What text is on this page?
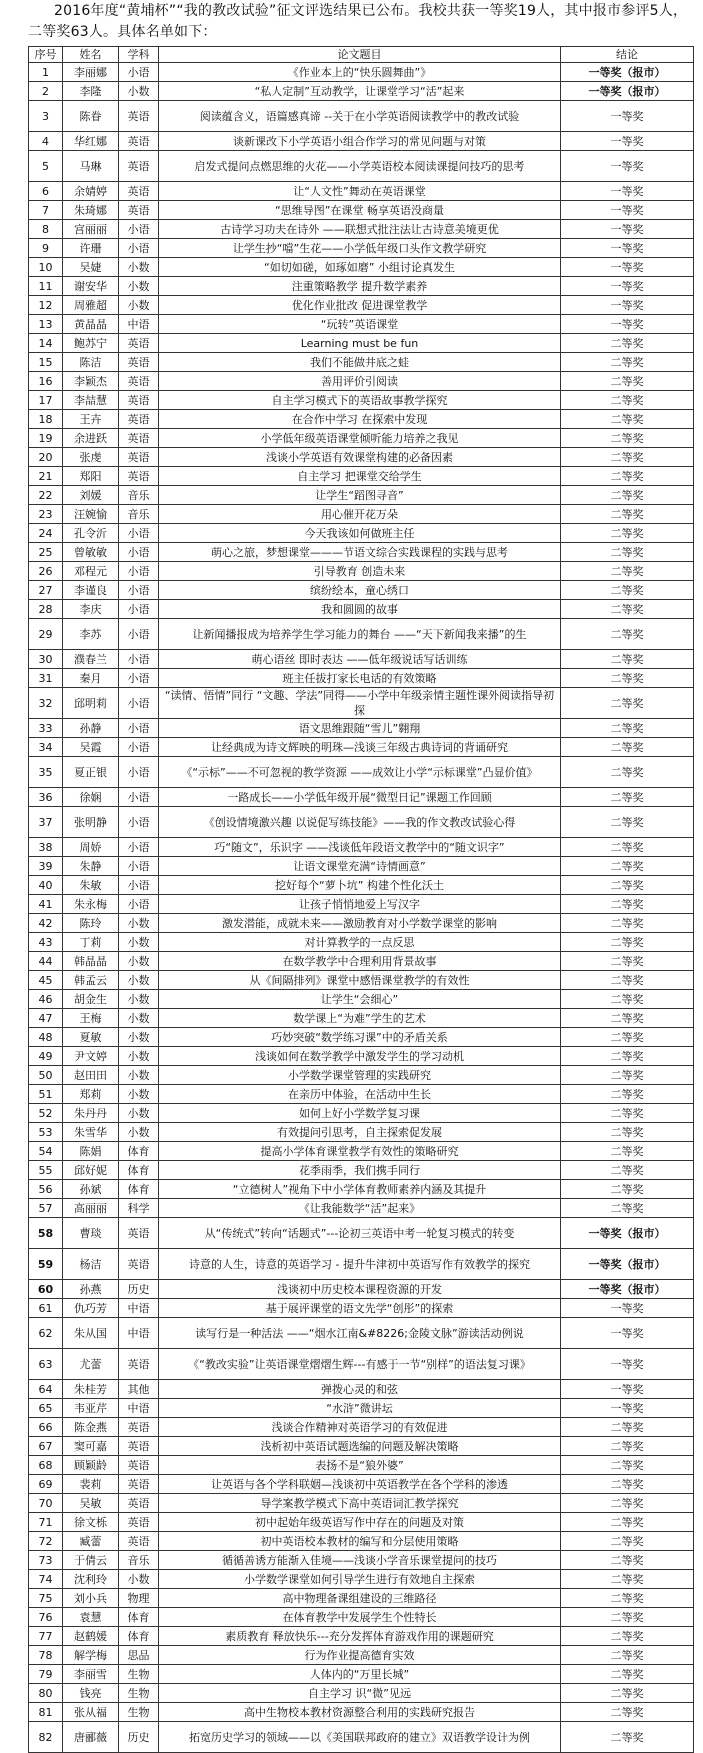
2016年度“黄埔杯”“我的教改试验”征文评选结果已公布。我校共获一等奖19人，其中报市参评5人，二等奖63人。具体名单如下：

序号	姓名	学科	论文题目	结论
1	李丽娜	小语	《作业本上的“快乐圆舞曲”》	一等奖（报市）
2	李隆	小数	“私人定制”互动教学，让课堂学习“活”起来	一等奖（报市）
3	陈眷	英语	阅读蕴含义，语篇感真谛 --关于在小学英语阅读教学中的教改试验	一等奖
4	华红娜	英语	谈新课改下小学英语小组合作学习的常见问题与对策	一等奖
5	马琳	英语	启发式提问点燃思维的火花——小学英语校本阅读课提问技巧的思考	一等奖
6	余婧婷	英语	让“人文性”舞动在英语课堂	一等奖
7	朱琦娜	英语	“思维导图”在课堂 畅享英语没商量	一等奖
8	宫丽丽	小语	古诗学习功夫在诗外 ——联想式批注法让古诗意美境更优	一等奖
9	许珊	小语	让学生抄“噹”生花——小学低年级口头作文教学研究	一等奖
10	吴婕	小数	“如切如磋，如琢如磨” 小组讨论真发生	一等奖
11	谢安华	小数	注重策略教学 提升数学素养	一等奖
12	周雅超	小数	优化作业批改 促进课堂教学	一等奖
13	黄晶晶	中语	“玩转”英语课堂	一等奖
14	鲍苏宁	英语	Learning must be fun	二等奖
15	陈洁	英语	我们不能做井底之蛙	二等奖
16	李颖杰	英语	善用评价引阅读	二等奖
17	李喆慧	英语	自主学习模式下的英语故事教学探究	二等奖
18	王卉	英语	在合作中学习 在探索中发现	二等奖
19	余进跃	英语	小学低年级英语课堂倾听能力培养之我见	二等奖
20	张虔	英语	浅谈小学英语有效课堂构建的必备因素	二等奖
21	郑阳	英语	自主学习 把课堂交给学生	二等奖
22	刘媛	音乐	让学生“蹈图寻音”	二等奖
23	汪婉愉	音乐	用心催开花万朵	二等奖
24	孔令沂	小语	今天我该如何做班主任	二等奖
25	曾敏敏	小语	萌心之旅，梦想课堂———节语文综合实践课程的实践与思考	二等奖
26	邓程元	小语	引导教育 创造未来	二等奖
27	李谨良	小语	缤纷绘本，童心绣口	二等奖
28	李庆	小语	我和圆圆的故事	二等奖
29	李苏	小语	让新闻播报成为培养学生学习能力的舞台 ——“天下新闻我来播”的生	二等奖
30	濮春兰	小语	萌心语丝 即时表达 ——低年级说话写话训练	二等奖
31	秦月	小语	班主任拔打家长电话的有效策略	二等奖
32	邱明莉	小语	“读情、悟情”同行 “文趣、学法”同得——小学中年级亲情主题性课外阅读指导初探	二等奖
33	孙静	小语	语文思维跟随“雪儿”翱翔	二等奖
34	吴霞	小语	让经典成为诗文辉映的明珠—浅谈三年级古典诗词的背诵研究	二等奖
35	夏正银	小语	《“示标”——不可忽视的教学资源 ——成效让小学“示标课堂”凸显价值》	二等奖
36	徐娴	小语	一路成长——小学低年级开展“微型日记”课题工作回顾	二等奖
37	张明静	小语	《创设情境激兴趣 以说促写练技能》——我的作文教改试验心得	二等奖
38	周娇	小语	巧“随文”，乐识字 ——浅谈低年段语文教学中的“随文识字”	二等奖
39	朱静	小语	让语文课堂充满“诗情画意”	二等奖
40	朱敏	小语	挖好每个“萝卜坑” 构建个性化沃土	二等奖
41	朱永梅	小语	让孩子悄悄地爱上写汉字	二等奖
42	陈玲	小数	激发潜能，成就未来——激励教育对小学数学课堂的影响	二等奖
43	丁莉	小数	对计算教学的一点反思	二等奖
44	韩晶晶	小数	在数学教学中合理利用背景故事	二等奖
45	韩孟云	小数	从《间隔排列》课堂中感悟课堂教学的有效性	二等奖
46	胡金生	小数	让学生“会细心”	二等奖
47	王梅	小数	数学课上“为难”学生的艺术	二等奖
48	夏敏	小数	巧妙突破“数学练习课”中的矛盾关系	二等奖
49	尹文婷	小数	浅谈如何在数学教学中激发学生的学习动机	二等奖
50	赵田田	小数	小学数学课堂管理的实践研究	二等奖
51	郑莉	小数	在亲历中体验，在活动中生长	二等奖
52	朱丹丹	小数	如何上好小学数学复习课	二等奖
53	朱雪华	小数	有效提问引思考，自主探索促发展	二等奖
54	陈娟	体育	提高小学体育课堂教学有效性的策略研究	二等奖
55	邱好妮	体育	花季雨季，我们携手同行	二等奖
56	孙斌	体育	“立德树人”视角下中小学体育教师素养内涵及其提升	二等奖
57	高丽丽	科学	《让我能数学“活”起来》	二等奖
58	曹琰	英语	从“传统式”转向“话题式”---论初三英语中考一轮复习模式的转变	一等奖（报市）
59	杨洁	英语	诗意的人生，诗意的英语学习 - 提升牛津初中英语写作有效教学的探究	一等奖（报市）
60	孙燕	历史	浅谈初中历史校本课程资源的开发	一等奖（报市）
61	仇巧芳	中语	基于展评课堂的语文先学“创彤”的探索	一等奖
62	朱从国	中语	读写行是一种活法 ——“烟水江南&#8226;金陵文脉”游读活动例说	一等奖
63	尤蕾	英语	《“教改实验”让英语课堂熠熠生辉---有感于一节“别样”的语法复习课》	一等奖
64	朱桂芳	其他	弹拨心灵的和弦	一等奖
65	韦亚芹	中语	“水浒”微讲坛	一等奖
66	陈金燕	英语	浅谈合作精神对英语学习的有效促进	二等奖
67	窦可嘉	英语	浅析初中英语试题选编的问题及解决策略	二等奖
68	顾颖龄	英语	表扬不是“狼外婆”	二等奖
69	裴莉	英语	让英语与各个学科联姻—浅谈初中英语教学在各个学科的渗透	二等奖
70	吴敏	英语	导学案教学模式下高中英语词汇教学探究	二等奖
71	徐文栎	英语	初中起始年级英语写作中存在的问题及对策	二等奖
72	臧蕾	英语	初中英语校本教材的编写和分层使用策略	二等奖
73	于倩云	音乐	循循善诱方能渐入佳境——浅谈小学音乐课堂提问的技巧	二等奖
74	沈利玲	小数	小学数学课堂如何引导学生进行有效地自主探索	二等奖
75	刘小兵	物理	高中物理备课组建设的三维路径	二等奖
76	袁慧	体育	在体育教学中发展学生个性特长	二等奖
77	赵鹤媛	体育	素质教育 释放快乐---充分发挥体育游戏作用的课题研究	二等奖
78	解学梅	思品	行为作业提高德育实效	二等奖
79	李丽雪	生物	人体内的“万里长城”	二等奖
80	钱亮	生物	自主学习 识“微”见远	二等奖
81	张从福	生物	高中生物校本教材资源整合利用的实践研究报告	二等奖
82	唐郦薇	历史	拓宽历史学习的领域——以《美国联邦政府的建立》双语教学设计为例	二等奖
